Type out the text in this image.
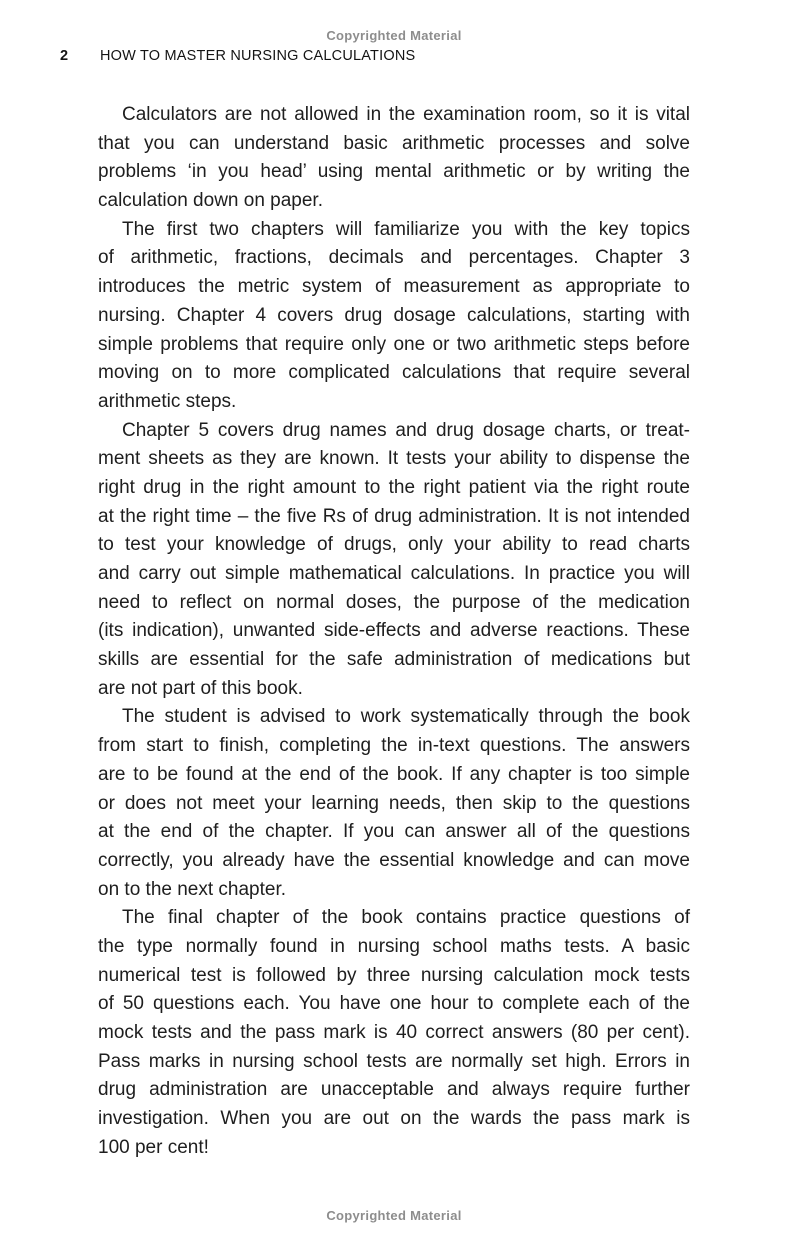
Copyrighted Material
2 HOW TO MASTER NURSING CALCULATIONS
Calculators are not allowed in the examination room, so it is vital
that you can understand basic arithmetic processes and solve
problems ‘in you head’ using mental arithmetic or by writing the
calculation down on paper.
The first two chapters will familiarize you with the key topics
of arithmetic, fractions, decimals and percentages. Chapter 3
introduces the metric system of measurement as appropriate to
nursing. Chapter 4 covers drug dosage calculations, starting with
simple problems that require only one or two arithmetic steps before
moving on to more complicated calculations that require several
arithmetic steps.
Chapter 5 covers drug names and drug dosage charts, or treat-
ment sheets as they are known. It tests your ability to dispense the
right drug in the right amount to the right patient via the right route
at the right time – the five Rs of drug administration. It is not intended
to test your knowledge of drugs, only your ability to read charts
and carry out simple mathematical calculations. In practice you will
need to reflect on normal doses, the purpose of the medication
(its indication), unwanted side-effects and adverse reactions. These
skills are essential for the safe administration of medications but
are not part of this book.
The student is advised to work systematically through the book
from start to finish, completing the in-text questions. The answers
are to be found at the end of the book. If any chapter is too simple
or does not meet your learning needs, then skip to the questions
at the end of the chapter. If you can answer all of the questions
correctly, you already have the essential knowledge and can move
on to the next chapter.
The final chapter of the book contains practice questions of
the type normally found in nursing school maths tests. A basic
numerical test is followed by three nursing calculation mock tests
of 50 questions each. You have one hour to complete each of the
mock tests and the pass mark is 40 correct answers (80 per cent).
Pass marks in nursing school tests are normally set high. Errors in
drug administration are unacceptable and always require further
investigation. When you are out on the wards the pass mark is
100 per cent!
Copyrighted Material
